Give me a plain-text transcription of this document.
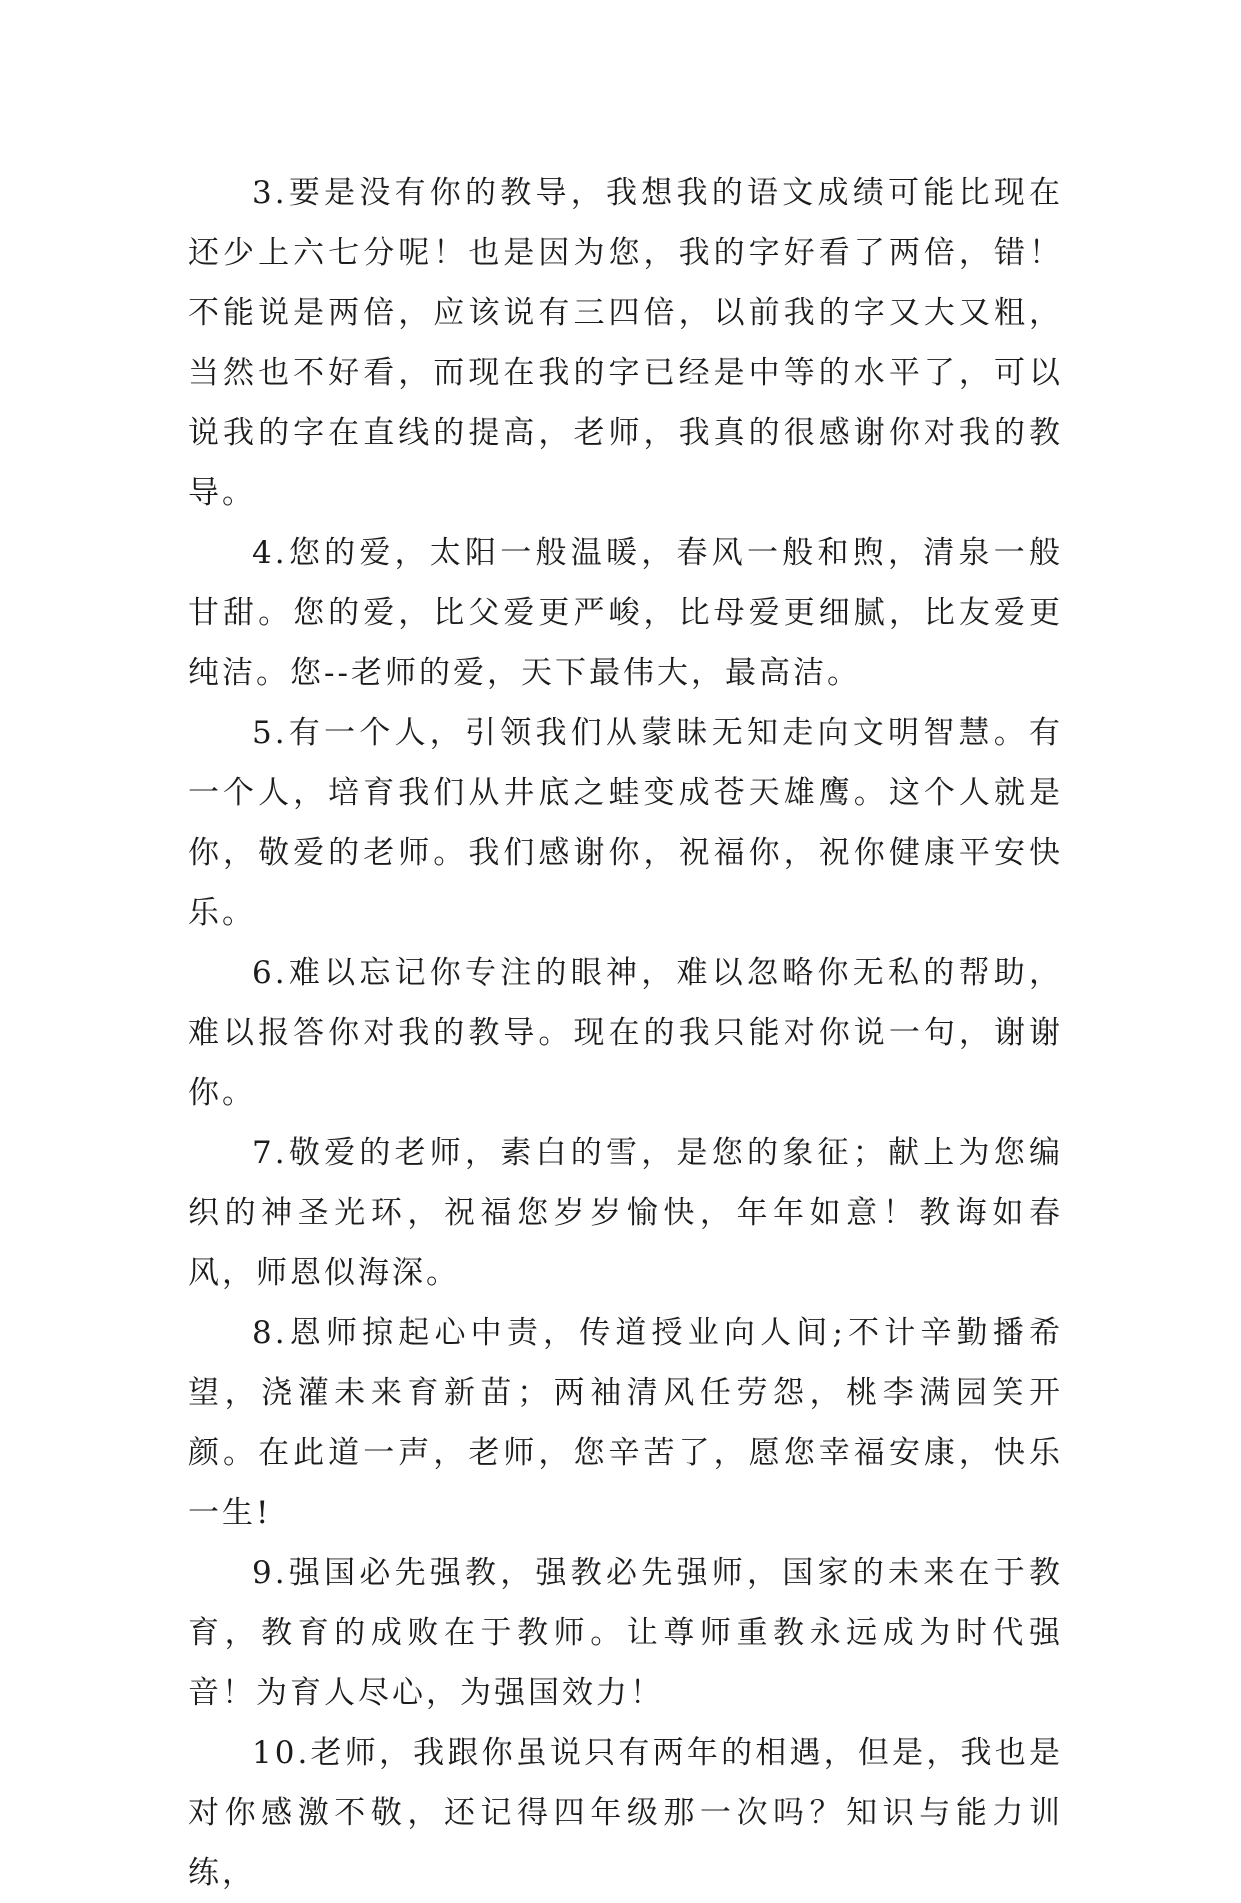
3.要是没有你的教导，我想我的语文成绩可能比现在还少上六七分呢！也是因为您，我的字好看了两倍，错！不能说是两倍，应该说有三四倍，以前我的字又大又粗，当然也不好看，而现在我的字已经是中等的水平了，可以说我的字在直线的提高，老师，我真的很感谢你对我的教导。

4.您的爱，太阳一般温暖，春风一般和煦，清泉一般甘甜。您的爱，比父爱更严峻，比母爱更细腻，比友爱更纯洁。您--老师的爱，天下最伟大，最高洁。

5.有一个人，引领我们从蒙昧无知走向文明智慧。有一个人，培育我们从井底之蛙变成苍天雄鹰。这个人就是你，敬爱的老师。我们感谢你，祝福你，祝你健康平安快乐。

6.难以忘记你专注的眼神，难以忽略你无私的帮助，难以报答你对我的教导。现在的我只能对你说一句，谢谢你。

7.敬爱的老师，素白的雪，是您的象征；献上为您编织的神圣光环，祝福您岁岁愉快，年年如意！教诲如春风，师恩似海深。

8.恩师掠起心中责，传道授业向人间;不计辛勤播希望，浇灌未来育新苗；两袖清风任劳怨，桃李满园笑开颜。在此道一声，老师，您辛苦了，愿您幸福安康，快乐一生!

9.强国必先强教，强教必先强师，国家的未来在于教育，教育的成败在于教师。让尊师重教永远成为时代强音！为育人尽心，为强国效力！

10.老师，我跟你虽说只有两年的相遇，但是，我也是对你感激不敬，还记得四年级那一次吗？知识与能力训练，
